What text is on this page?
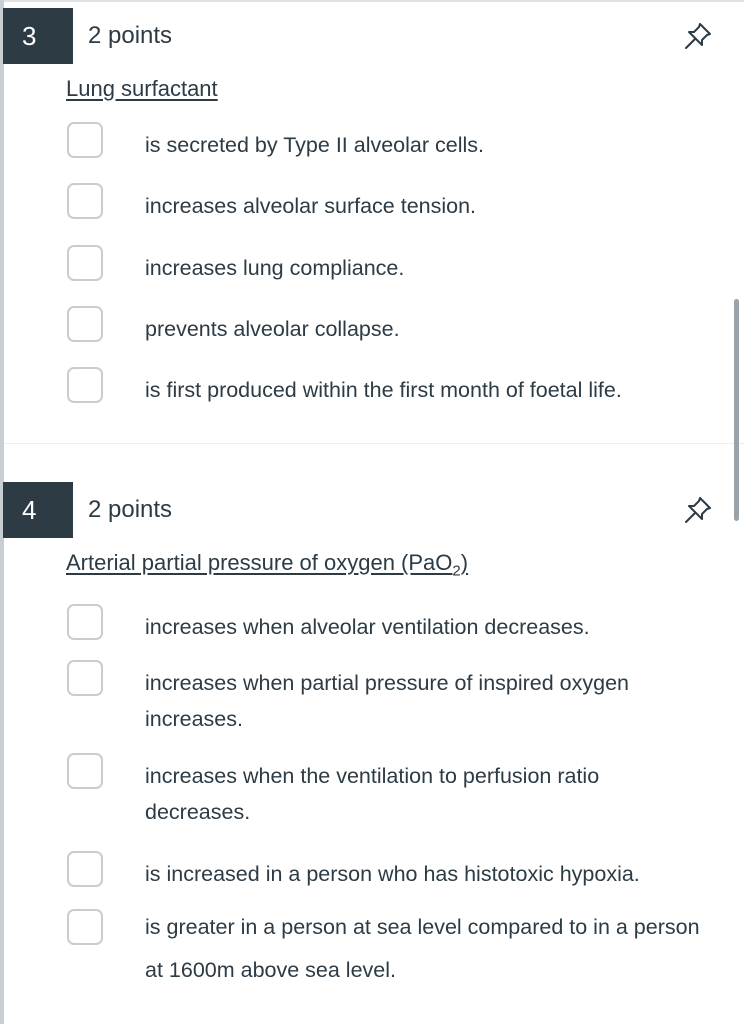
3	2 points
Lung surfactant
is secreted by Type II alveolar cells.
increases alveolar surface tension.
increases lung compliance.
prevents alveolar collapse.
is first produced within the first month of foetal life.
4	2 points
Arterial partial pressure of oxygen (PaO$_2$)
increases when alveolar ventilation decreases.
increases when partial pressure of inspired oxygen increases.
increases when the ventilation to perfusion ratio decreases.
is increased in a person who has histotoxic hypoxia.
is greater in a person at sea level compared to in a person at 1600m above sea level.
